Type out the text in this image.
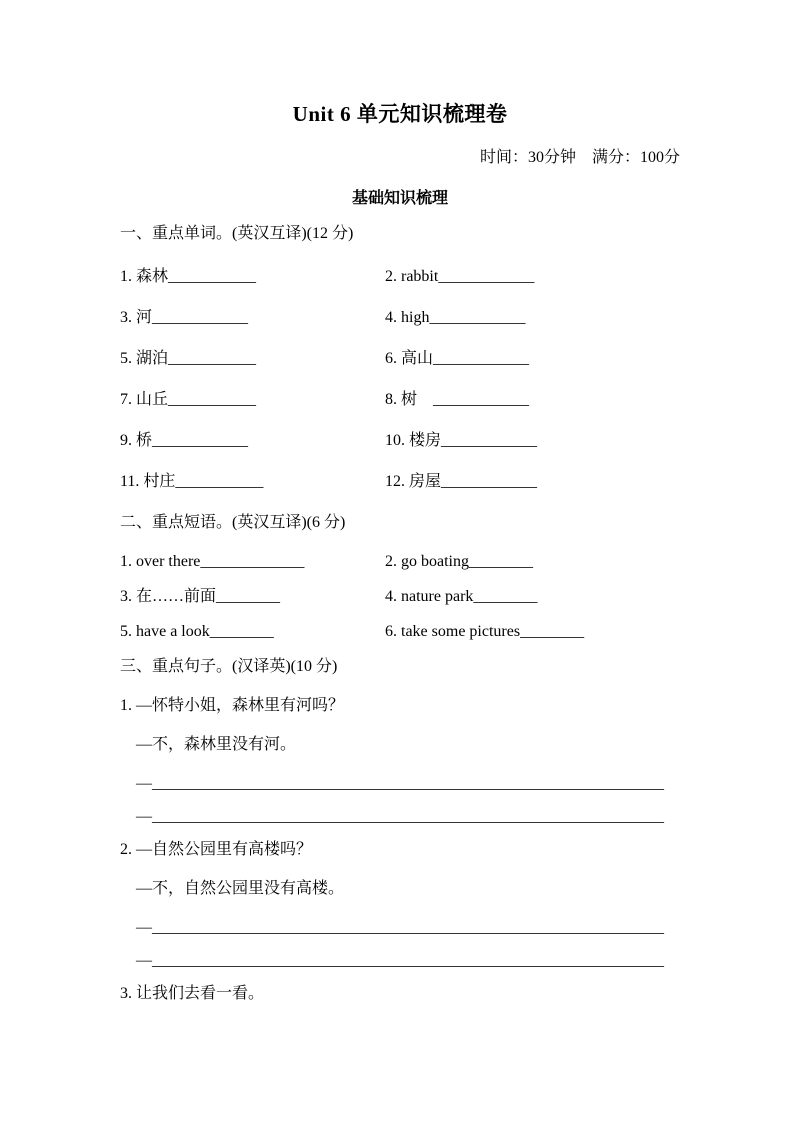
Unit 6 单元知识梳理卷
时间：30分钟　满分：100分
基础知识梳理
一、重点单词。(英汉互译)(12 分)
1. 森林___________	2. rabbit____________
3. 河____________	4. high____________
5. 湖泊___________	6. 高山____________
7. 山丘___________	8. 树　____________
9. 桥____________	10. 楼房____________
11. 村庄___________	12. 房屋____________
二、重点短语。(英汉互译)(6 分)
1. over there_____________	2. go boating________
3. 在……前面________	4. nature park________
5. have a look________	6. take some pictures________
三、重点句子。(汉译英)(10 分)
1. —怀特小姐，森林里有河吗？
—不，森林里没有河。
—________________________________________________________________
—________________________________________________________________
2. —自然公园里有高楼吗？
—不，自然公园里没有高楼。
—________________________________________________________________
—________________________________________________________________
3. 让我们去看一看。
